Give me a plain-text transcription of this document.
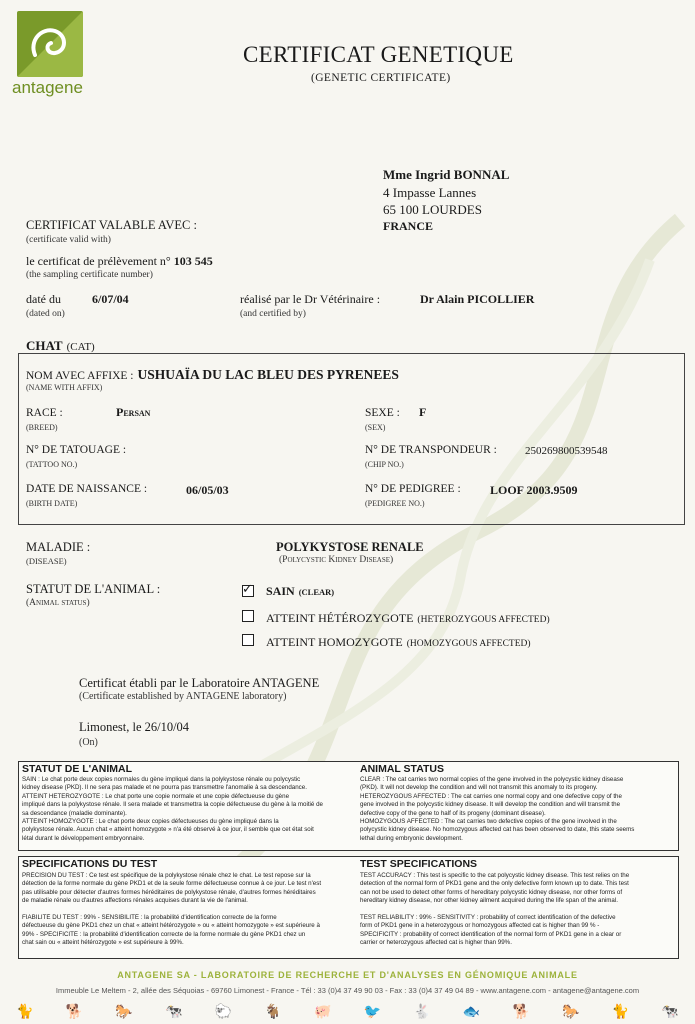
antagene
CERTIFICAT GENETIQUE
(GENETIC CERTIFICATE)
Mme Ingrid BONNAL
4 Impasse Lannes
65 100 LOURDES
FRANCE
CERTIFICAT VALABLE AVEC :
(certificate valid with)
le certificat de prélèvement n° 103 545
(the sampling certificate number)
daté du	6/07/04
(dated on)
réalisé par le Dr Vétérinaire :	Dr Alain PICOLLIER
(and certified by)
CHAT (CAT)
NOM AVEC AFFIXE : USHUAÏA DU LAC BLEU DES PYRENEES
(NAME WITH AFFIX)
RACE :	Persan
(BREED)
SEXE : F
(SEX)
N° DE TATOUAGE :
(TATTOO NO.)
N° DE TRANSPONDEUR :	250269800539548
(CHIP NO.)
DATE DE NAISSANCE :	06/05/03
(BIRTH DATE)
N° DE PEDIGREE : LOOF 2003.9509
(PEDIGREE NO.)
MALADIE :
(DISEASE)
POLYKYSTOSE RENALE
(Polycystic Kidney Disease)
STATUT DE L'ANIMAL :
(Animal status)
✓ SAIN (CLEAR)
ATTEINT HÉTÉROZYGOTE (HETEROZYGOUS AFFECTED)
ATTEINT HOMOZYGOTE (HOMOZYGOUS AFFECTED)
Certificat établi par le Laboratoire ANTAGENE
(Certificate established by ANTAGENE laboratory)
Limonest, le 26/10/04
(On)
STATUT DE L'ANIMAL	ANIMAL STATUS
SAIN : Le chat porte deux copies normales du gène impliqué dans la polykystose rénale ou polycystic
kidney disease (PKD). Il ne sera pas malade et ne pourra pas transmettre l'anomalie à sa descendance.
ATTEINT HETEROZYGOTE : Le chat porte une copie normale et une copie défectueuse du gène
impliqué dans la polykystose rénale. Il sera malade et transmettra la copie défectueuse du gène à la moitié de
sa descendance (maladie dominante).
ATTEINT HOMOZYGOTE : Le chat porte deux copies défectueuses du gène impliqué dans la
polykystose rénale. Aucun chat « atteint homozygote » n'a été observé à ce jour, il semble que cet état soit
létal durant le développement embryonnaire.
CLEAR : The cat carries two normal copies of the gene involved in the polycystic kidney disease
(PKD). It will not develop the condition and will not transmit this anomaly to its progeny.
HETEROZYGOUS AFFECTED : The cat carries one normal copy and one defective copy of the
gene involved in the polycystic kidney disease. It will develop the condition and will transmit the
defective copy of the gene to half of its progeny (dominant disease).
HOMOZYGOUS AFFECTED : The cat carries two defective copies of the gene involved in the
polycystic kidney disease. No homozygous affected cat has been observed to date, this state seems
lethal during embryonic development.
SPECIFICATIONS DU TEST	TEST SPECIFICATIONS
PRÉCISION DU TEST : Ce test est spécifique de la polykystose rénale chez le chat. Le test repose sur la
détection de la forme normale du gène PKD1 et de la seule forme défectueuse connue à ce jour. Le test n'est
pas utilisable pour détecter d'autres formes héréditaires de polykystose rénale, d'autres formes héréditaires
de maladie rénale ou d'autres affections rénales acquises durant la vie de l'animal.
FIABILITÉ DU TEST : 99% - SENSIBILITÉ : la probabilité d'identification correcte de la forme
défectueuse du gène PKD1 chez un chat « atteint hétérozygote » ou « atteint homozygote » est supérieure à
99% - SPÉCIFICITÉ : la probabilité d'identification correcte de la forme normale du gène PKD1 chez un
chat sain ou « atteint hétérozygote » est supérieure à 99%.
TEST ACCURACY : This test is specific to the cat polycystic kidney disease. This test relies on the
detection of the normal form of PKD1 gene and the only defective form known up to date. This test
can not be used to detect other forms of hereditary polycystic kidney disease, nor other forms of
hereditary kidney disease, nor other kidney ailment acquired during the life span of the animal.
TEST RELIABILITY : 99% - SENSITIVITY : probability of correct identification of the defective
form of PKD1 gene in a heterozygous or homozygous affected cat is higher than 99 % -
SPECIFICITY : probability of correct identification of the normal form of PKD1 gene in a clear or
carrier or heterozygous affected cat is higher than 99%.
ANTAGENE SA - LABORATOIRE DE RECHERCHE ET D'ANALYSES EN GÉNOMIQUE ANIMALE
Immeuble Le Meltem - 2, allée des Séquoias - 69760 Limonest - France - Tél : 33 (0)4 37 49 90 03 - Fax : 33 (0)4 37 49 04 89 - www.antagene.com - antagene@antagene.com
🐈 🐕 🐎 🐄 🐑 🐐 🐖 🐦 🐇 🐟 🐕 🐎 🐈 🐄
